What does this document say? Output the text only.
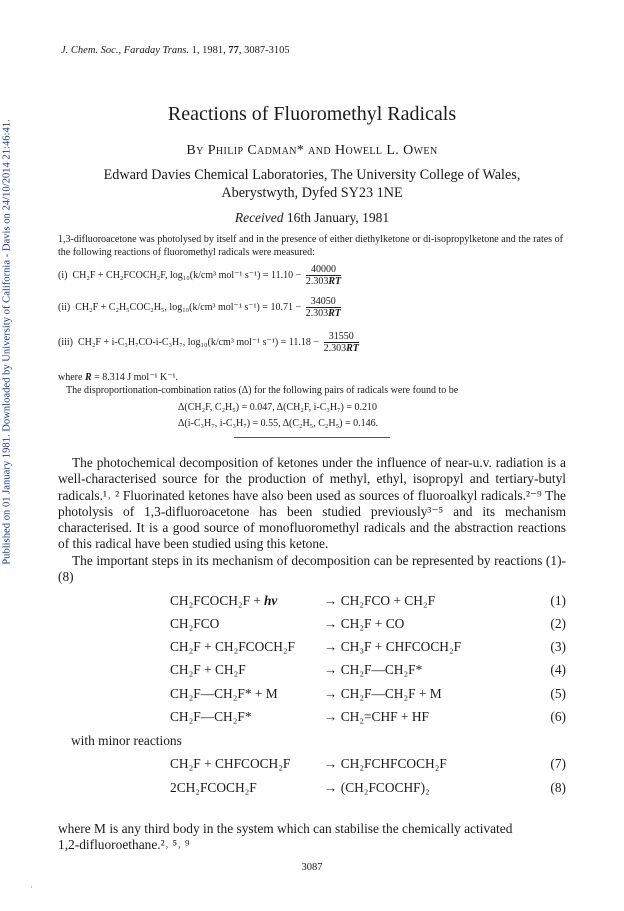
Published on 01 January 1981. Downloaded by University of California - Davis on 24/10/2014 21:46:41.
J. Chem. Soc., Faraday Trans. 1, 1981, 77, 3087-3105
Reactions of Fluoromethyl Radicals
By Philip Cadman* and Howell L. Owen
Edward Davies Chemical Laboratories, The University College of Wales,
Aberystwyth, Dyfed SY23 1NE
Received 16th January, 1981

1,3-difluoroacetone was photolysed by itself and in the presence of either diethylketone or di-isopropylketone and the rates of the following reactions of fluoromethyl radicals were measured:

(i) CH₂F + CH₂FCOCH₂F, log₁₀(k/cm³ mol⁻¹ $s^{-1}) = 11.10 - \frac{40000}{2.303RT}$
(ii) CH₂F + C₂H₅COC₂H₅, log₁₀(k/cm³ mol⁻¹ $s^{-1}) = 10.71 - \frac{34050}{2.303RT}$
(iii) CH₂F + i-C₃H₇CO-i-C₃H₇, log₁₀(k/cm³ mol⁻¹ $s^{-1}) = 11.18 - \frac{31550}{2.303RT}$
where R = 8.314 J mol⁻¹ K⁻¹.
The disproportionation-combination ratios (Δ) for the following pairs of radicals were found to be
Δ(CH₂F, C₂H₅) = 0.047, Δ(CH₂F, i-C₃H₇) = 0.210
Δ(i-C₃H₇, i-C₃H₇) = 0.55, Δ(C₂H₅, C₂H₅) = 0.146.

The photochemical decomposition of ketones under the influence of near-u.v. radiation is a well-characterised source for the production of methyl, ethyl, isopropyl and tertiary-butyl radicals.¹˒ ² Fluorinated ketones have also been used as sources of fluoroalkyl radicals.²⁻⁹ The photolysis of 1,3-difluoroacetone has been studied previously³⁻⁵ and its mechanism characterised. It is a good source of monofluoromethyl radicals and the abstraction reactions of this radical have been studied using this ketone.

The important steps in its mechanism of decomposition can be represented by reactions (1)-(8)

CH₂FCOCH₂F + hν	→ CH₂FCO + CH₂F	(1)
CH₂FCO	→ CH₂F + CO	(2)
CH₂F + CH₂FCOCH₂F → CH₃F + CHFCOCH₂F	(3)
CH₂F + CH₂F	→ CH₂F—CH₂F*	(4)
CH₂F—CH₂F* + M	→ CH₂F—CH₂F + M	(5)
CH₂F—CH₂F*	→ CH₂=CHF + HF	(6)
CH₂F + CHFCOCH₂F	→ CH₂FCHFCOCH₂F	(7)
2CH₂FCOCH₂F	→ (CH₂FCOCHF)₂	(8)
with minor reactions
where M is any third body in the system which can stabilise the chemically activated
1,2-difluoroethane.²˒ ⁵˒ ⁹
3087
·
